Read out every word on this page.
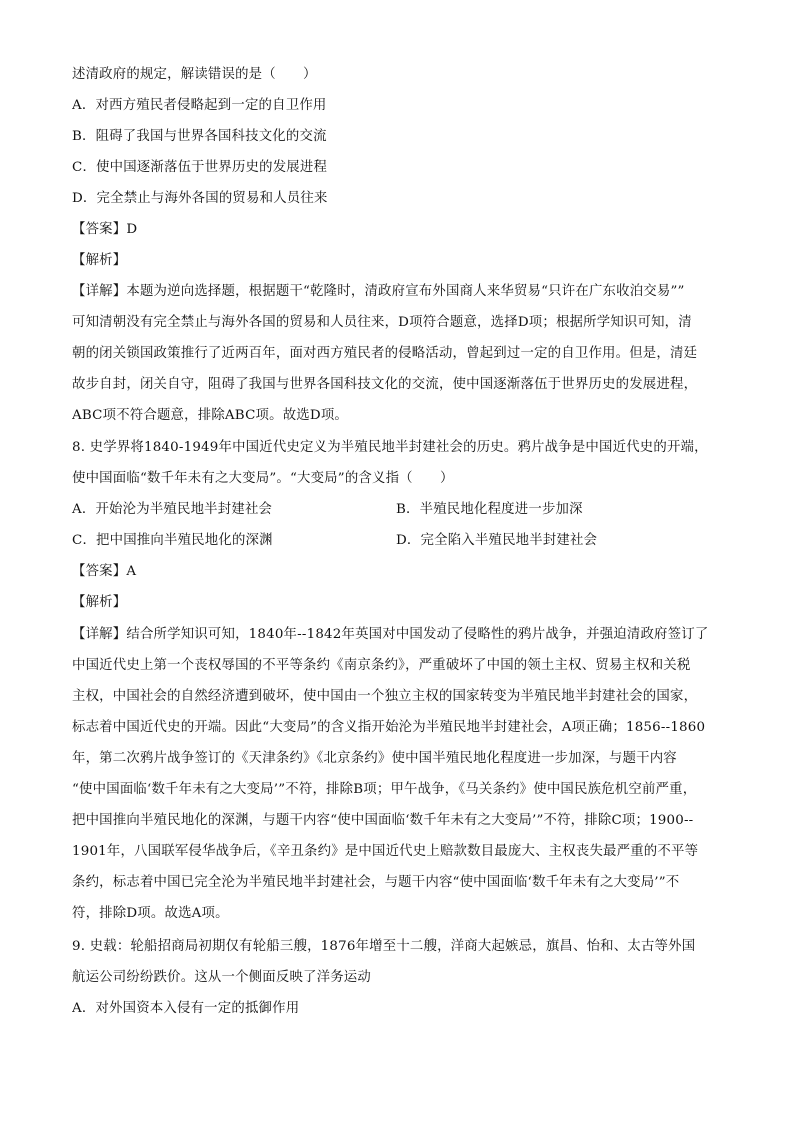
述清政府的规定，解读错误的是（　　）
A．对西方殖民者侵略起到一定的自卫作用
B．阻碍了我国与世界各国科技文化的交流
C．使中国逐渐落伍于世界历史的发展进程
D．完全禁止与海外各国的贸易和人员往来
【答案】D
【解析】
【详解】本题为逆向选择题，根据题干“乾隆时，清政府宣布外国商人来华贸易“只许在广东收泊交易””
可知清朝没有完全禁止与海外各国的贸易和人员往来，D项符合题意，选择D项；根据所学知识可知，清
朝的闭关锁国政策推行了近两百年，面对西方殖民者的侵略活动，曾起到过一定的自卫作用。但是，清廷
故步自封，闭关自守，阻碍了我国与世界各国科技文化的交流，使中国逐渐落伍于世界历史的发展进程，
ABC项不符合题意，排除ABC项。故选D项。
8. 史学界将1840-1949年中国近代史定义为半殖民地半封建社会的历史。鸦片战争是中国近代史的开端，
使中国面临“数千年未有之大变局”。“大变局”的含义指（　　）
A．开始沦为半殖民地半封建社会	B．半殖民地化程度进一步加深
C．把中国推向半殖民地化的深渊	D．完全陷入半殖民地半封建社会
【答案】A
【解析】
【详解】结合所学知识可知，1840年--1842年英国对中国发动了侵略性的鸦片战争，并强迫清政府签订了
中国近代史上第一个丧权辱国的不平等条约《南京条约》，严重破坏了中国的领土主权、贸易主权和关税
主权，中国社会的自然经济遭到破坏，使中国由一个独立主权的国家转变为半殖民地半封建社会的国家，
标志着中国近代史的开端。因此“大变局”的含义指开始沦为半殖民地半封建社会，A项正确；1856--1860
年，第二次鸦片战争签订的《天津条约》《北京条约》使中国半殖民地化程度进一步加深，与题干内容
“使中国面临‘数千年未有之大变局’”不符，排除B项；甲午战争，《马关条约》使中国民族危机空前严重，
把中国推向半殖民地化的深渊，与题干内容“使中国面临‘数千年未有之大变局’”不符，排除C项；1900--
1901年，八国联军侵华战争后，《辛丑条约》是中国近代史上赔款数目最庞大、主权丧失最严重的不平等
条约，标志着中国已完全沦为半殖民地半封建社会，与题干内容“使中国面临‘数千年未有之大变局’”不
符，排除D项。故选A项。
9. 史载：轮船招商局初期仅有轮船三艘，1876年增至十二艘，洋商大起嫉忌，旗昌、怡和、太古等外国
航运公司纷纷跌价。这从一个侧面反映了洋务运动
A．对外国资本入侵有一定的抵御作用
